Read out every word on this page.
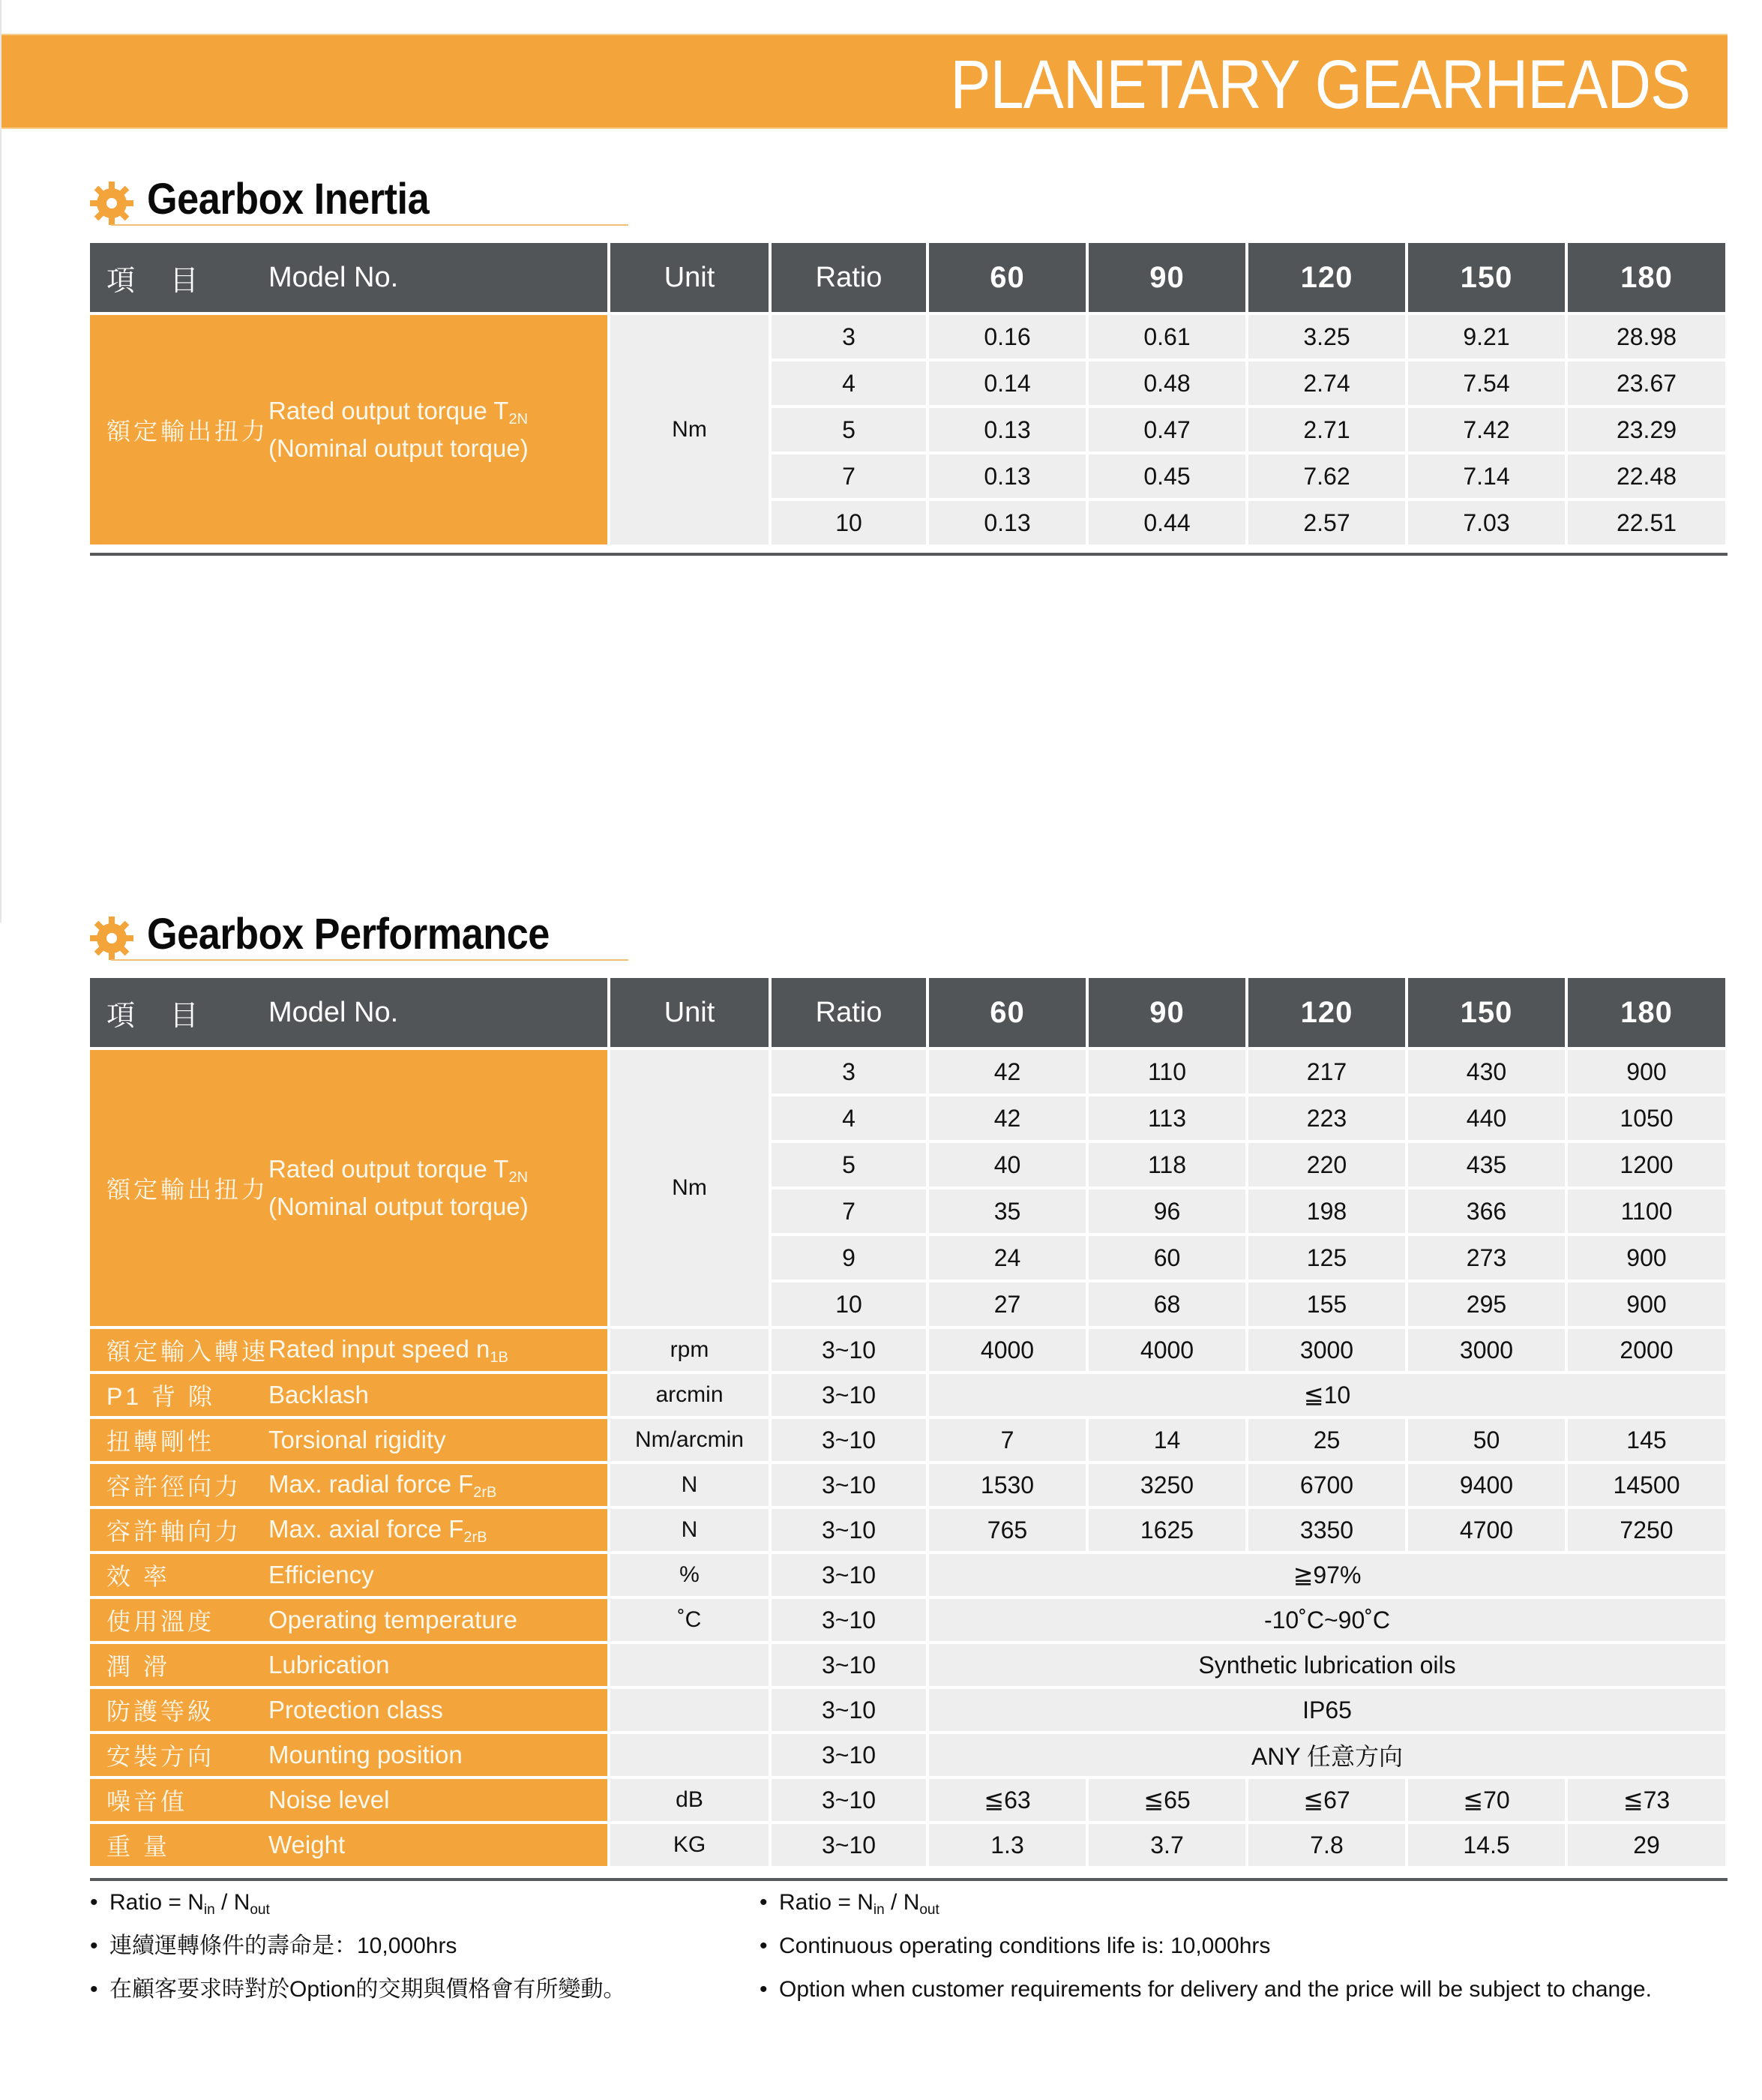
PLANETARY GEARHEADS
Gearbox Inertia
項 目 Model No.	Unit	Ratio	60	90	120	150	180

額定輸出扭力
Rated output torque $T_{2N}$
(Nominal output torque)	Nm	3	0.16	0.61	3.25	9.21	28.98
		4	0.14	0.48	2.74	7.54	23.67
		5	0.13	0.47	2.71	7.42	23.29
		7	0.13	0.45	7.62	7.14	22.48
		10	0.13	0.44	2.57	7.03	22.51
Gearbox Performance
項 目 Model No.	Unit	Ratio	60	90	120	150	180

額定輸出扭力
Rated output torque $T_{2N}$
(Nominal output torque)	Nm	3	42	110	217	430	900
		4	42	113	223	440	1050
		5	40	118	220	435	1200
		7	35	96	198	366	1100
		9	24	60	125	273	900
		10	27	68	155	295	900

額定輸入轉速 Rated input speed $n_{1B}$	rpm	3~10	4000	4000	3000	3000	2000

P1 背 隙 Backlash	arcmin	3~10	≦10				

扭轉剛性 Torsional rigidity	Nm/arcmin	3~10	7	14	25	50	145

容許徑向力 Max. radial force $F_{2rB}$	N	3~10	1530	3250	6700	9400	14500

容許軸向力 Max. axial force $F_{2rB}$	N	3~10	765	1625	3350	4700	7250

效 率 Efficiency	%	3~10	≧97%				

使用溫度 Operating temperature	˚C	3~10	-10˚C~90˚C				

潤 滑 Lubrication		3~10	Synthetic lubrication oils				

防護等級 Protection class		3~10	IP65				

安裝方向 Mounting position		3~10	ANY 任意方向				

噪音值 Noise level	dB	3~10	≦63	≦65	≦67	≦70	≦73

重 量 Weight	KG	3~10	1.3	3.7	7.8	14.5	29
• Ratio = $N_{in} / N_{out}$
• 連續運轉條件的壽命是：10,000hrs
• 在顧客要求時對於Option的交期與價格會有所變動。
• Ratio = $N_{in} / N_{out}$
• Continuous operating conditions life is: 10,000hrs
• Option when customer requirements for delivery and the price will be subject to change.
